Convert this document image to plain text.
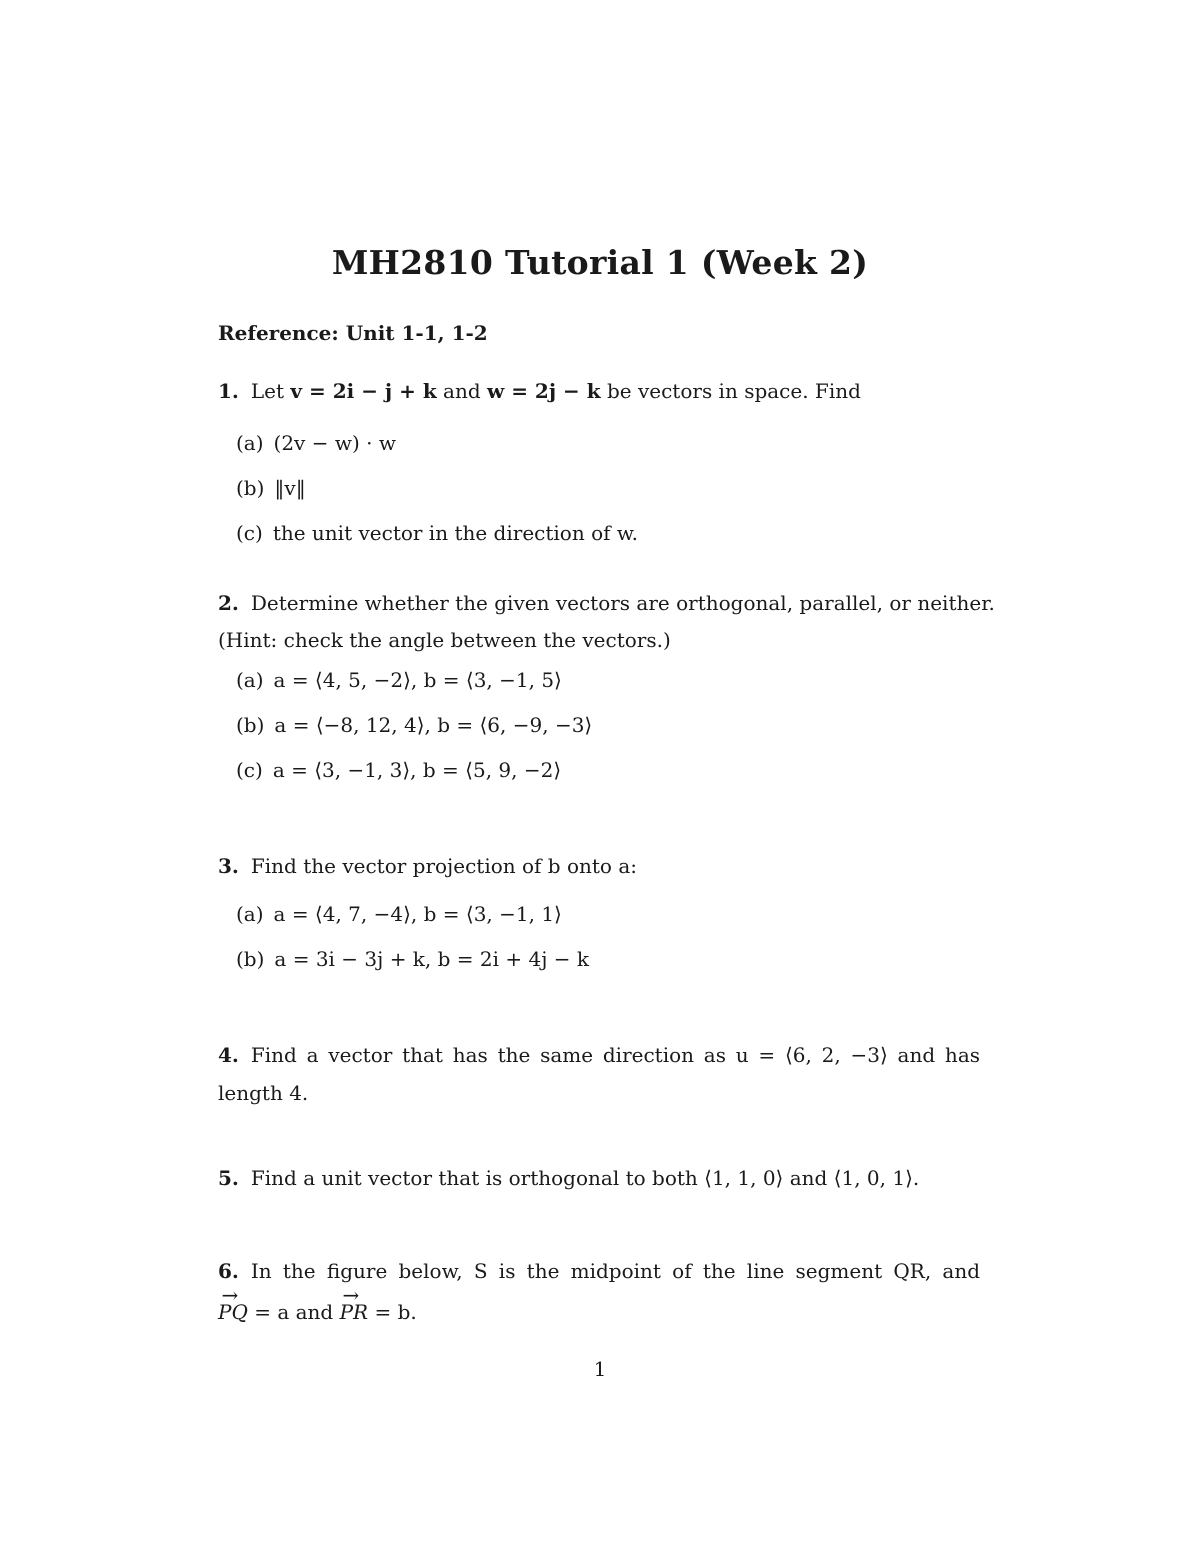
MH2810 Tutorial 1 (Week 2)
Reference: Unit 1-1, 1-2
1. Let v = 2i − j + k and w = 2j − k be vectors in space. Find
(a) (2v − w) · w
(b) ‖v‖
(c) the unit vector in the direction of w.
2. Determine whether the given vectors are orthogonal, parallel, or neither.
(Hint: check the angle between the vectors.)
(a) a = ⟨4, 5, −2⟩, b = ⟨3, −1, 5⟩
(b) a = ⟨−8, 12, 4⟩, b = ⟨6, −9, −3⟩
(c) a = ⟨3, −1, 3⟩, b = ⟨5, 9, −2⟩
3. Find the vector projection of b onto a:
(a) a = ⟨4, 7, −4⟩, b = ⟨3, −1, 1⟩
(b) a = 3i − 3j + k, b = 2i + 4j − k
4. Find a vector that has the same direction as u = ⟨6, 2, −3⟩ and has
length 4.
5. Find a unit vector that is orthogonal to both ⟨1, 1, 0⟩ and ⟨1, 0, 1⟩.
6. In the figure below, S is the midpoint of the line segment QR, and
→ PQ = a and → PR = b.
1
